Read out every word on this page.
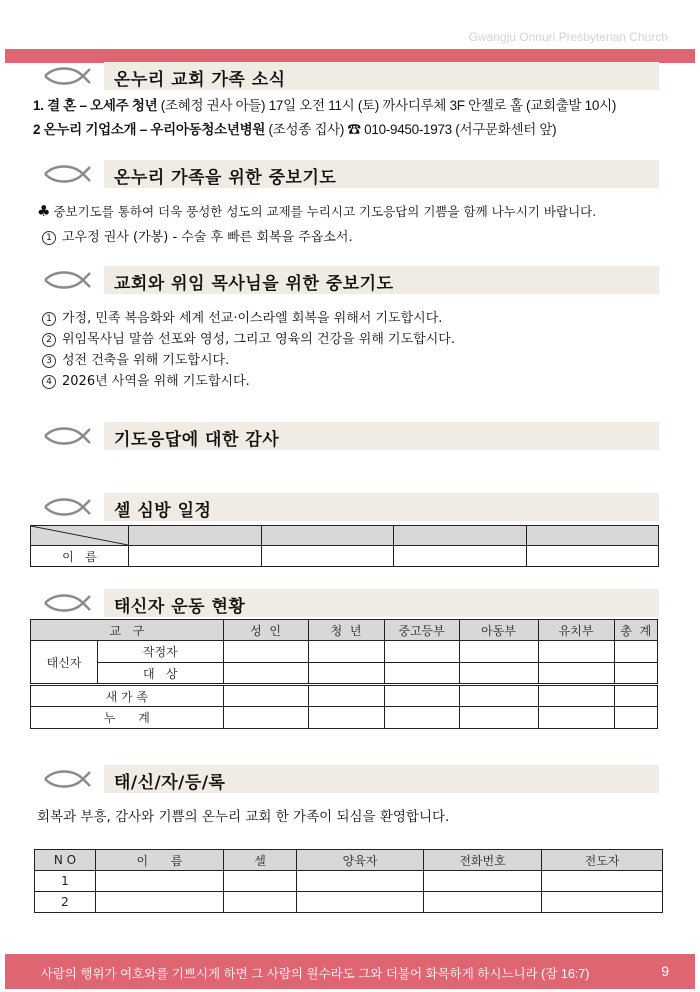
Gwangju Onnuri Presbyterian Church
온누리 교회 가족 소식
1. 결 혼 – 오세주 청년 (조혜정 권사 아들) 17일 오전 11시 (토) 까사디루체 3F 안젤로 홀 (교회출발 10시)
2 온누리 기업소개 – 우리아동청소년병원 (조성종 집사) ☎ 010-9450-1973 (서구문화센터 앞)
온누리 가족을 위한 중보기도
♣ 중보기도를 통하여 더욱 풍성한 성도의 교제를 누리시고 기도응답의 기쁨을 함께 나누시기 바랍니다.
1 고우정 권사 (가봉) - 수술 후 빠른 회복을 주옵소서.
교회와 위임 목사님을 위한 중보기도
1 가정, 민족 복음화와 세계 선교·이스라엘 회복을 위해서 기도합시다.
2 위임목사님 말씀 선포와 영성, 그리고 영육의 건강을 위해 기도합시다.
3 성전 건축을 위해 기도합시다.
4 2026년 사역을 위해 기도합시다.
기도응답에 대한 감사
셀 심방 일정

이   름				
태신자 운동 현황
교   구		성  인	청  년	중고등부	아동부	유치부	총  계
태신자	작정자						
	대   상						
새 가 족							
누      계							
태/신/자/등/록
회복과 부흥, 감사와 기쁨의 온누리 교회 한 가족이 되심을 환영합니다.
N O	이      름	셀	양육자	전화번호	전도자
1					
2					
사람의 행위가 여호와를 기쁘시게 하면 그 사람의 원수라도 그와 더불어 화목하게 하시느니라 (잠 16:7)	9
